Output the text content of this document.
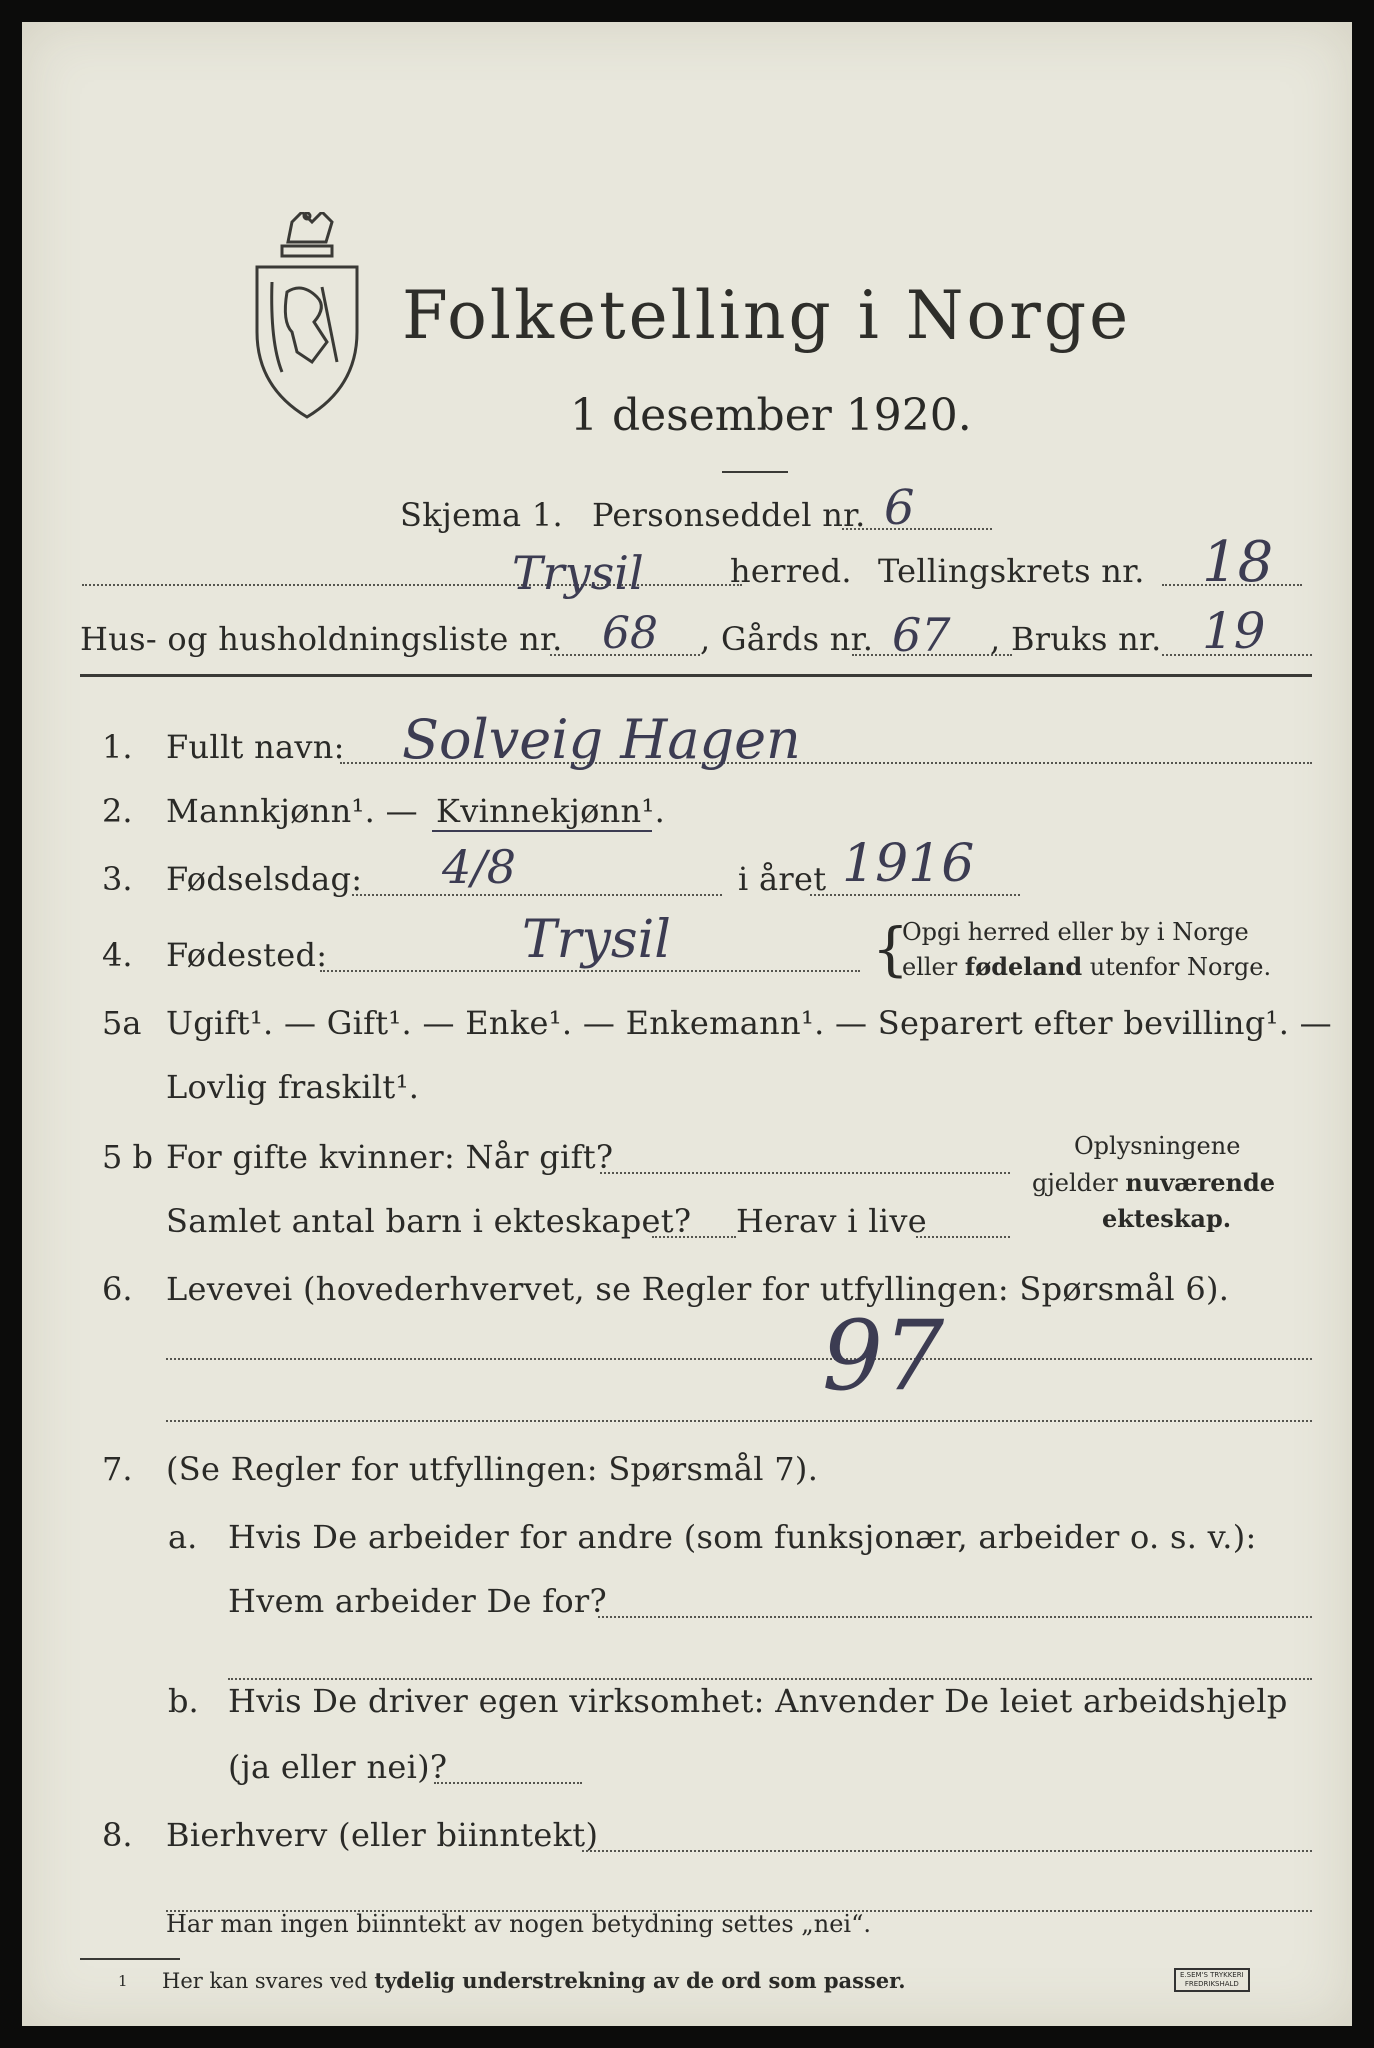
Folketelling i Norge
1 desember 1920.
Skjema 1. Personseddel nr. 6
Trysil	herred. Tellingskrets nr. 18
Hus- og husholdningsliste nr. 68 , Gårds nr. 67 , Bruks nr. 19
1. Fullt navn: Solveig Hagen
2. Mannkjønn¹. — Kvinnekjønn¹.
3. Fødselsdag: 4/8	i året 1916
4. Fødested:	Trysil	{
Opgi herred eller by i Norge
eller fødeland utenfor Norge.
5a Ugift¹. — Gift¹. — Enke¹. — Enkemann¹. — Separert efter bevilling¹. —
Lovlig fraskilt¹.
5 b For gifte kvinner: Når gift?
Samlet antal barn i ekteskapet? Herav i live
Oplysningene
gjelder nuværende
ekteskap.
6. Levevei (hovederhvervet, se Regler for utfyllingen: Spørsmål 6).
97
7. (Se Regler for utfyllingen: Spørsmål 7).
a. Hvis De arbeider for andre (som funksjonær, arbeider o. s. v.):
Hvem arbeider De for?
b. Hvis De driver egen virksomhet: Anvender De leiet arbeidshjelp
(ja eller nei)?
8. Bierhverv (eller biinntekt)
Har man ingen biinntekt av nogen betydning settes „nei“.
1 Her kan svares ved tydelig understrekning av de ord som passer.	E.SEM'S TRYKKERI
FREDRIKSHALD
